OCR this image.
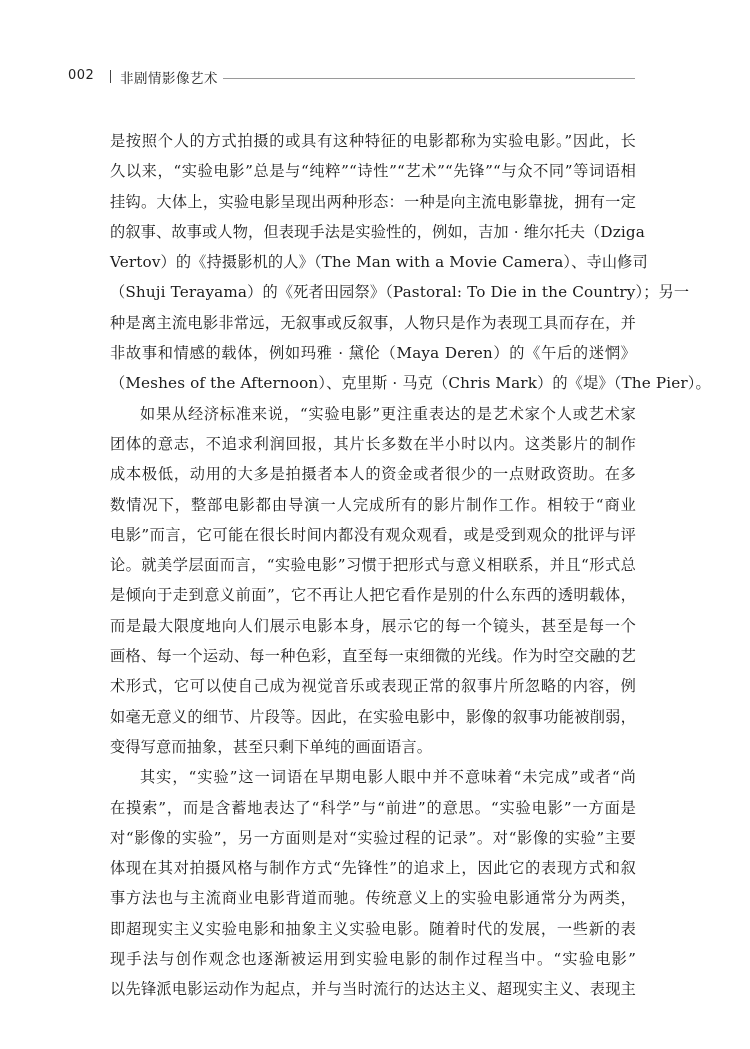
002 非剧情影像艺术
是按照个人的方式拍摄的或具有这种特征的电影都称为实验电影。”因此，长
久以来，“实验电影”总是与“纯粹”“诗性”“艺术”“先锋”“与众不同”等词语相
挂钩。大体上，实验电影呈现出两种形态：一种是向主流电影靠拢，拥有一定
的叙事、故事或人物，但表现手法是实验性的，例如，吉加 · 维尔托夫（Dziga
Vertov）的《持摄影机的人》（The Man with a Movie Camera）、寺山修司
（Shuji Terayama）的《死者田园祭》（Pastoral: To Die in the Country）；另一
种是离主流电影非常远，无叙事或反叙事，人物只是作为表现工具而存在，并
非故事和情感的载体，例如玛雅 · 黛伦（Maya Deren）的《午后的迷惘》
（Meshes of the Afternoon）、克里斯 · 马克（Chris Mark）的《堤》（The Pier）。
如果从经济标准来说，“实验电影”更注重表达的是艺术家个人或艺术家
团体的意志，不追求利润回报，其片长多数在半小时以内。这类影片的制作
成本极低，动用的大多是拍摄者本人的资金或者很少的一点财政资助。在多
数情况下，整部电影都由导演一人完成所有的影片制作工作。相较于“商业
电影”而言，它可能在很长时间内都没有观众观看，或是受到观众的批评与评
论。就美学层面而言，“实验电影”习惯于把形式与意义相联系，并且“形式总
是倾向于走到意义前面”，它不再让人把它看作是别的什么东西的透明载体，
而是最大限度地向人们展示电影本身，展示它的每一个镜头，甚至是每一个
画格、每一个运动、每一种色彩，直至每一束细微的光线。作为时空交融的艺
术形式，它可以使自己成为视觉音乐或表现正常的叙事片所忽略的内容，例
如毫无意义的细节、片段等。因此，在实验电影中，影像的叙事功能被削弱，
变得写意而抽象，甚至只剩下单纯的画面语言。
其实，“实验”这一词语在早期电影人眼中并不意味着“未完成”或者“尚
在摸索”，而是含蓄地表达了“科学”与“前进”的意思。“实验电影”一方面是
对“影像的实验”，另一方面则是对“实验过程的记录”。对“影像的实验”主要
体现在其对拍摄风格与制作方式“先锋性”的追求上，因此它的表现方式和叙
事方法也与主流商业电影背道而驰。传统意义上的实验电影通常分为两类，
即超现实主义实验电影和抽象主义实验电影。随着时代的发展，一些新的表
现手法与创作观念也逐渐被运用到实验电影的制作过程当中。“实验电影”
以先锋派电影运动作为起点，并与当时流行的达达主义、超现实主义、表现主
